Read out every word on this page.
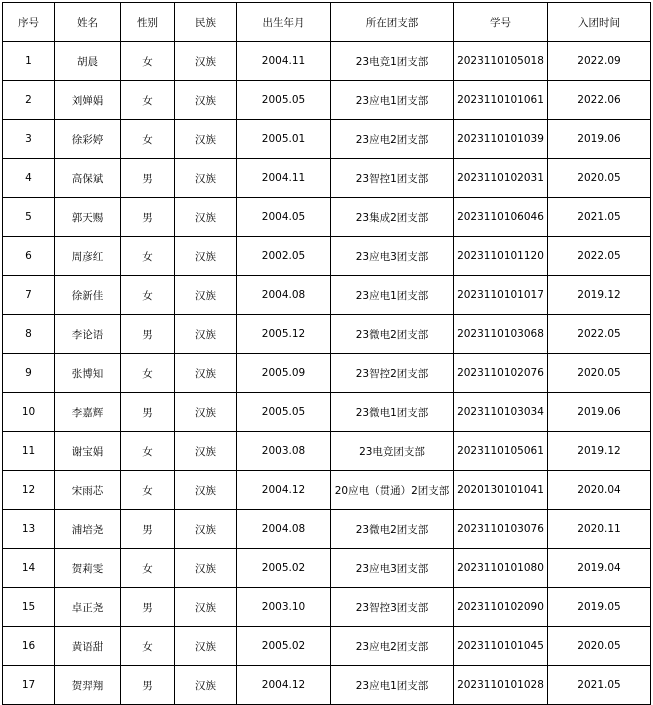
序号	姓名	性别	民族	出生年月	所在团支部	学号	入团时间
1	胡晨	女	汉族	2004.11	23电竞1团支部	2023110105018	2022.09
2	刘婵娟	女	汉族	2005.05	23应电1团支部	2023110101061	2022.06
3	徐彩婷	女	汉族	2005.01	23应电2团支部	2023110101039	2019.06
4	高保斌	男	汉族	2004.11	23智控1团支部	2023110102031	2020.05
5	郭天赐	男	汉族	2004.05	23集成2团支部	2023110106046	2021.05
6	周彦红	女	汉族	2002.05	23应电3团支部	2023110101120	2022.05
7	徐新佳	女	汉族	2004.08	23应电1团支部	2023110101017	2019.12
8	李论语	男	汉族	2005.12	23微电2团支部	2023110103068	2022.05
9	张博知	女	汉族	2005.09	23智控2团支部	2023110102076	2020.05
10	李嘉辉	男	汉族	2005.05	23微电1团支部	2023110103034	2019.06
11	谢宝娟	女	汉族	2003.08	23电竞团支部	2023110105061	2019.12
12	宋雨芯	女	汉族	2004.12	20应电（贯通）2团支部	2020130101041	2020.04
13	浦培尧	男	汉族	2004.08	23微电2团支部	2023110103076	2020.11
14	贺莉雯	女	汉族	2005.02	23应电3团支部	2023110101080	2019.04
15	卓正尧	男	汉族	2003.10	23智控3团支部	2023110102090	2019.05
16	黄语甜	女	汉族	2005.02	23应电2团支部	2023110101045	2020.05
17	贺羿翔	男	汉族	2004.12	23应电1团支部	2023110101028	2021.05
